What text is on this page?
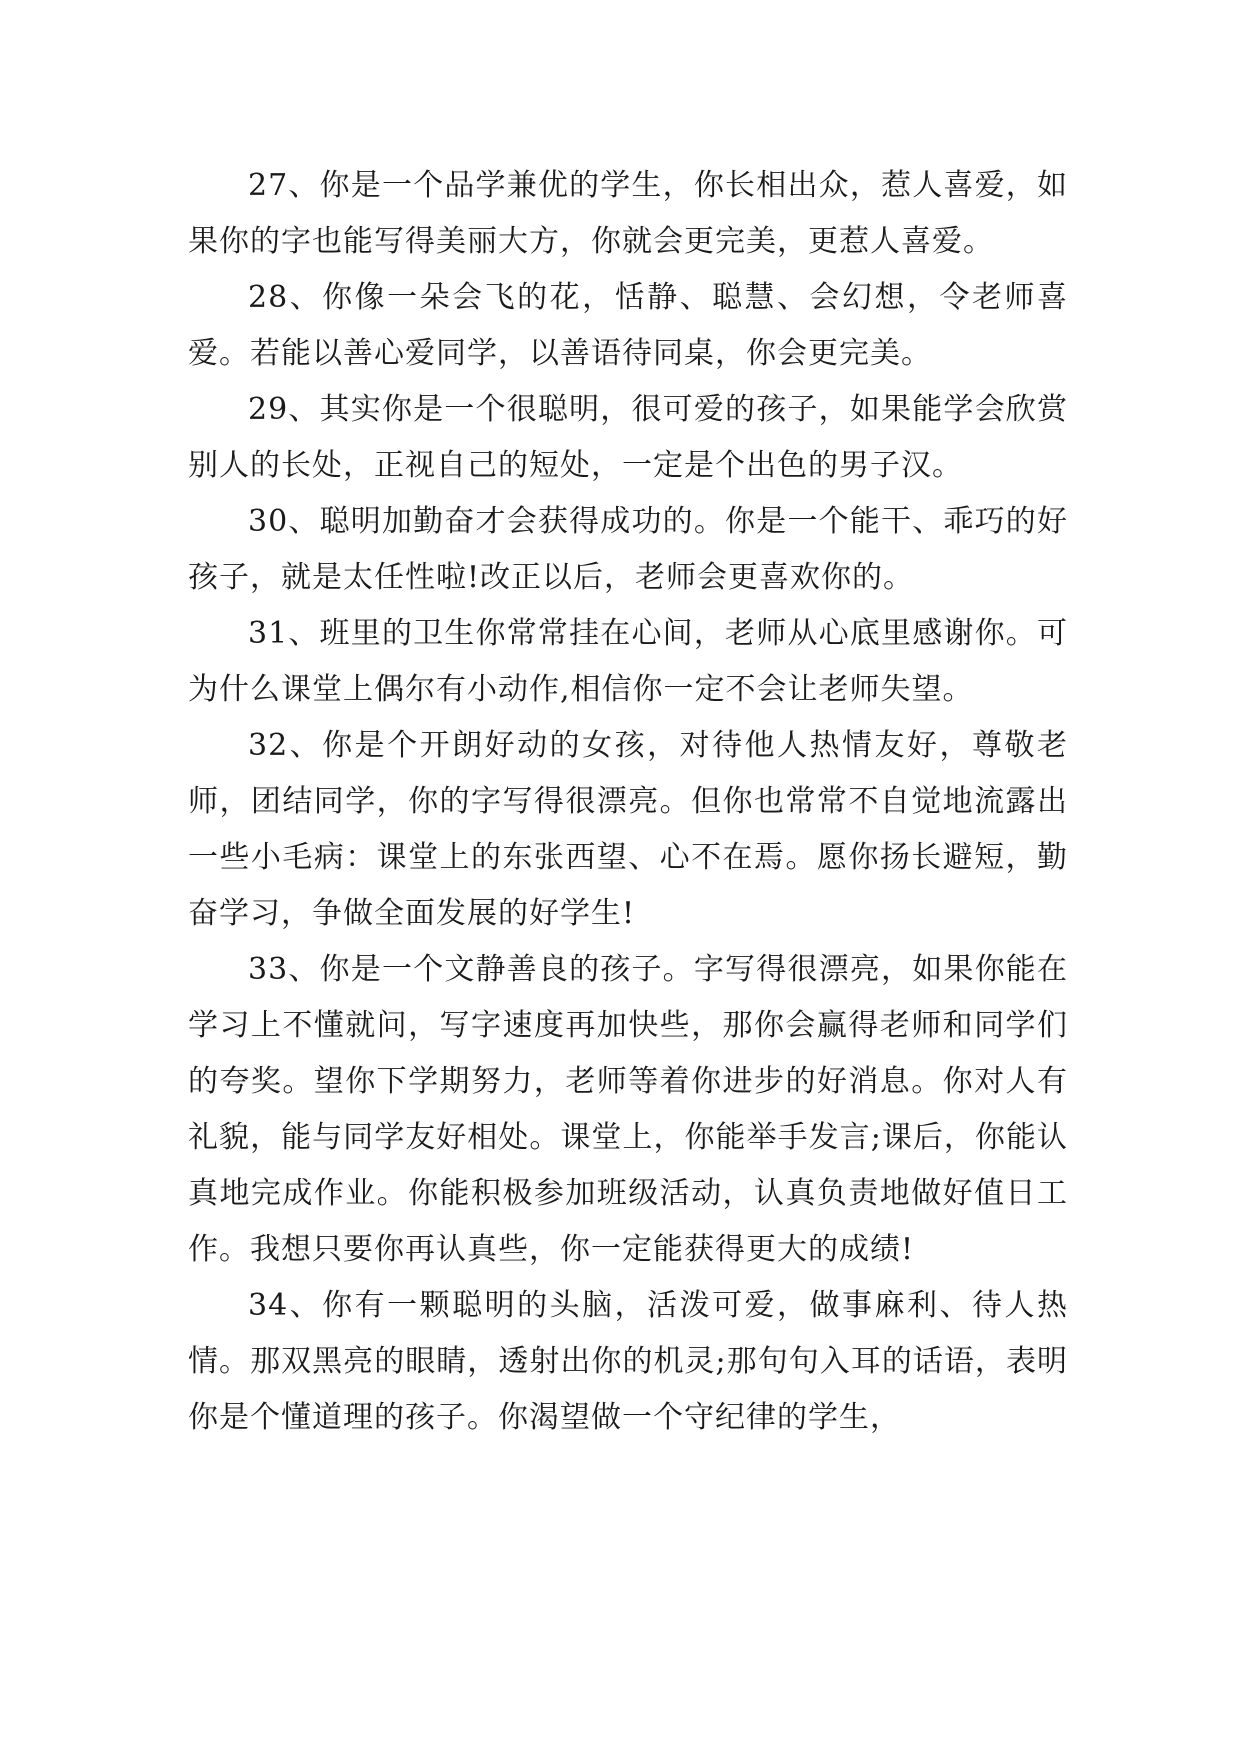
27、你是一个品学兼优的学生，你长相出众，惹人喜爱，如果你的字也能写得美丽大方，你就会更完美，更惹人喜爱。

28、你像一朵会飞的花，恬静、聪慧、会幻想，令老师喜爱。若能以善心爱同学，以善语待同桌，你会更完美。

29、其实你是一个很聪明，很可爱的孩子，如果能学会欣赏别人的长处，正视自己的短处，一定是个出色的男子汉。

30、聪明加勤奋才会获得成功的。你是一个能干、乖巧的好孩子，就是太任性啦!改正以后，老师会更喜欢你的。

31、班里的卫生你常常挂在心间，老师从心底里感谢你。可为什么课堂上偶尔有小动作,相信你一定不会让老师失望。

32、你是个开朗好动的女孩，对待他人热情友好，尊敬老师，团结同学，你的字写得很漂亮。但你也常常不自觉地流露出一些小毛病：课堂上的东张西望、心不在焉。愿你扬长避短，勤奋学习，争做全面发展的好学生!

33、你是一个文静善良的孩子。字写得很漂亮，如果你能在学习上不懂就问，写字速度再加快些，那你会赢得老师和同学们的夸奖。望你下学期努力，老师等着你进步的好消息。你对人有礼貌，能与同学友好相处。课堂上，你能举手发言;课后，你能认真地完成作业。你能积极参加班级活动，认真负责地做好值日工作。我想只要你再认真些，你一定能获得更大的成绩!

34、你有一颗聪明的头脑，活泼可爱，做事麻利、待人热情。那双黑亮的眼睛，透射出你的机灵;那句句入耳的话语，表明你是个懂道理的孩子。你渴望做一个守纪律的学生，
